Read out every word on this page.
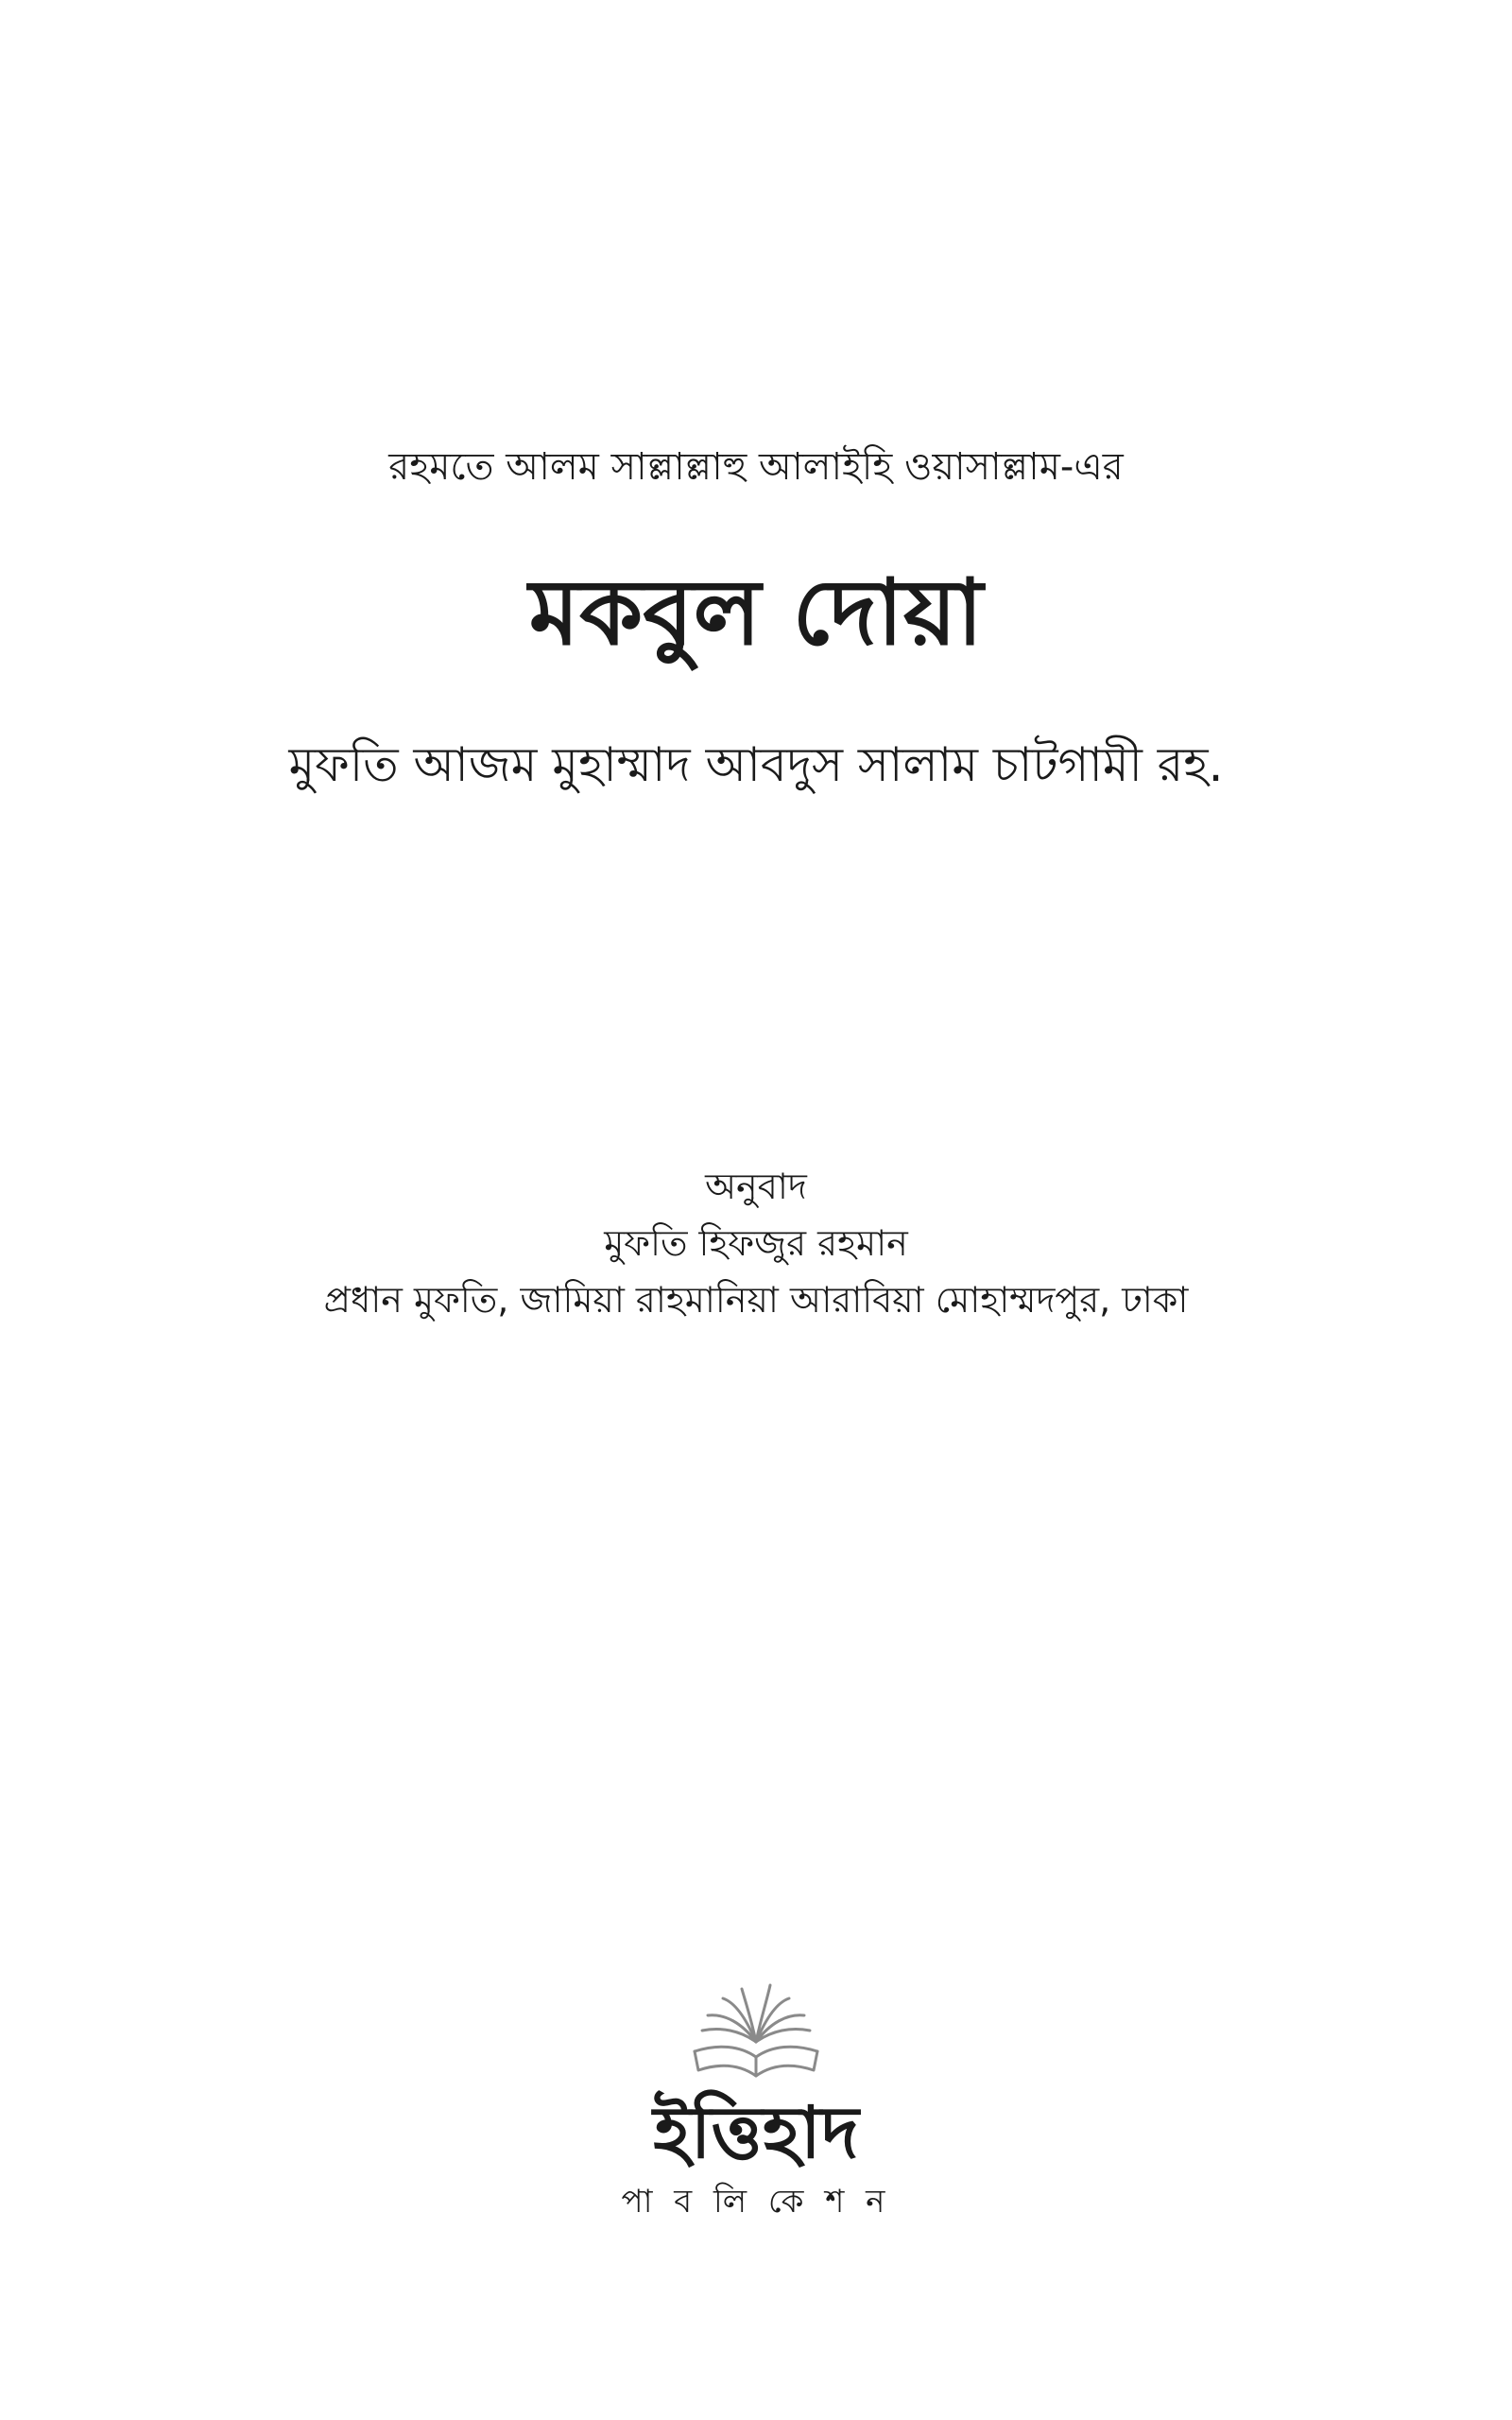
রহমতে আলম সাল্লাল্লাহু আলাইহি ওয়াসাল্লাম-এর
মকবুল দোয়া
মুফতি আজম মুহাম্মাদ আবদুস সালাম চাটগামী রহ.
অনুবাদ
মুফতি হিফজুর রহমান
প্রধান মুফতি, জামিয়া রাহমানিয়া আরাবিয়া মোহাম্মদপুর, ঢাকা
ইত্তিহাদ
পা ব লি কে শ ন
